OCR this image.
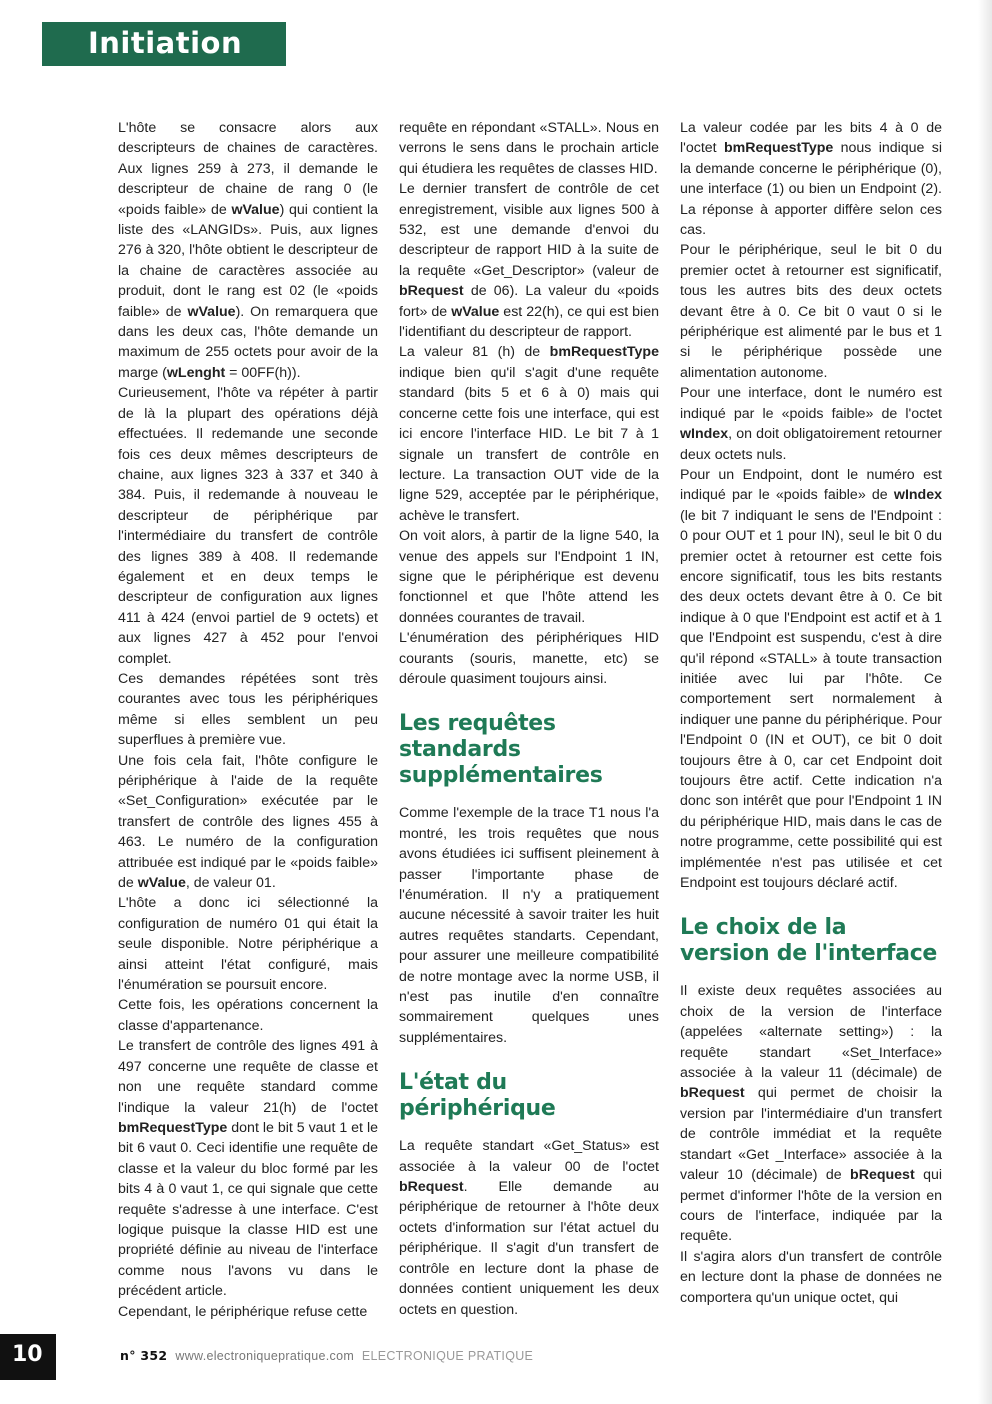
Initiation

L'hôte se consacre alors aux descripteurs de chaines de caractères. Aux lignes 259 à 273, il demande le descripteur de chaine de rang 0 (le «poids faible» de wValue) qui contient la liste des «LANGIDs». Puis, aux lignes 276 à 320, l'hôte obtient le descripteur de la chaine de caractères associée au produit, dont le rang est 02 (le «poids faible» de wValue). On remarquera que dans les deux cas, l'hôte demande un maximum de 255 octets pour avoir de la marge (wLenght = 00FF(h)).

Curieusement, l'hôte va répéter à partir de là la plupart des opérations déjà effectuées. Il redemande une seconde fois ces deux mêmes descripteurs de chaine, aux lignes 323 à 337 et 340 à 384. Puis, il redemande à nouveau le descripteur de périphérique par l'intermédiaire du transfert de contrôle des lignes 389 à 408. Il redemande également et en deux temps le descripteur de configuration aux lignes 411 à 424 (envoi partiel de 9 octets) et aux lignes 427 à 452 pour l'envoi complet.

Ces demandes répétées sont très courantes avec tous les périphériques même si elles semblent un peu superflues à première vue.

Une fois cela fait, l'hôte configure le périphérique à l'aide de la requête «Set_Configuration» exécutée par le transfert de contrôle des lignes 455 à 463. Le numéro de la configuration attribuée est indiqué par le «poids faible» de wValue, de valeur 01.

L'hôte a donc ici sélectionné la configuration de numéro 01 qui était la seule disponible. Notre périphérique a ainsi atteint l'état configuré, mais l'énumération se poursuit encore.

Cette fois, les opérations concernent la classe d'appartenance.

Le transfert de contrôle des lignes 491 à 497 concerne une requête de classe et non une requête standard comme l'indique la valeur 21(h) de l'octet bmRequestType dont le bit 5 vaut 1 et le bit 6 vaut 0. Ceci identifie une requête de classe et la valeur du bloc formé par les bits 4 à 0 vaut 1, ce qui signale que cette requête s'adresse à une interface. C'est logique puisque la classe HID est une propriété définie au niveau de l'interface comme nous l'avons vu dans le précédent article.

Cependant, le périphérique refuse cette

requête en répondant «STALL». Nous en verrons le sens dans le prochain article qui étudiera les requêtes de classes HID.

Le dernier transfert de contrôle de cet enregistrement, visible aux lignes 500 à 532, est une demande d'envoi du descripteur de rapport HID à la suite de la requête «Get_Descriptor» (valeur de bRequest de 06). La valeur du «poids fort» de wValue est 22(h), ce qui est bien l'identifiant du descripteur de rapport.

La valeur 81 (h) de bmRequestType indique bien qu'il s'agit d'une requête standard (bits 5 et 6 à 0) mais qui concerne cette fois une interface, qui est ici encore l'interface HID. Le bit 7 à 1 signale un transfert de contrôle en lecture. La transaction OUT vide de la ligne 529, acceptée par le périphérique, achève le transfert.

On voit alors, à partir de la ligne 540, la venue des appels sur l'Endpoint 1 IN, signe que le périphérique est devenu fonctionnel et que l'hôte attend les données courantes de travail.

L'énumération des périphériques HID courants (souris, manette, etc) se déroule quasiment toujours ainsi.

Les requêtes standards supplémentaires

Comme l'exemple de la trace T1 nous l'a montré, les trois requêtes que nous avons étudiées ici suffisent pleinement à passer l'importante phase de l'énumération. Il n'y a pratiquement aucune nécessité à savoir traiter les huit autres requêtes standarts. Cependant, pour assurer une meilleure compatibilité de notre montage avec la norme USB, il n'est pas inutile d'en connaître sommairement quelques unes supplémentaires.

L'état du périphérique

La requête standart «Get_Status» est associée à la valeur 00 de l'octet bRequest. Elle demande au périphérique de retourner à l'hôte deux octets d'information sur l'état actuel du périphérique. Il s'agit d'un transfert de contrôle en lecture dont la phase de données contient uniquement les deux octets en question.

La valeur codée par les bits 4 à 0 de l'octet bmRequestType nous indique si la demande concerne le périphérique (0), une interface (1) ou bien un Endpoint (2). La réponse à apporter diffère selon ces cas.

Pour le périphérique, seul le bit 0 du premier octet à retourner est significatif, tous les autres bits des deux octets devant être à 0. Ce bit 0 vaut 0 si le périphérique est alimenté par le bus et 1 si le périphérique possède une alimentation autonome.

Pour une interface, dont le numéro est indiqué par le «poids faible» de l'octet wIndex, on doit obligatoirement retourner deux octets nuls.

Pour un Endpoint, dont le numéro est indiqué par le «poids faible» de wIndex (le bit 7 indiquant le sens de l'Endpoint : 0 pour OUT et 1 pour IN), seul le bit 0 du premier octet à retourner est cette fois encore significatif, tous les bits restants des deux octets devant être à 0. Ce bit indique à 0 que l'Endpoint est actif et à 1 que l'Endpoint est suspendu, c'est à dire qu'il répond «STALL» à toute transaction initiée avec lui par l'hôte. Ce comportement sert normalement à indiquer une panne du périphérique. Pour l'Endpoint 0 (IN et OUT), ce bit 0 doit toujours être à 0, car cet Endpoint doit toujours être actif. Cette indication n'a donc son intérêt que pour l'Endpoint 1 IN du périphérique HID, mais dans le cas de notre programme, cette possibilité qui est implémentée n'est pas utilisée et cet Endpoint est toujours déclaré actif.

Le choix de la version de l'interface

Il existe deux requêtes associées au choix de la version de l'interface (appelées «alternate setting») : la requête standart «Set_Interface» associée à la valeur 11 (décimale) de bRequest qui permet de choisir la version par l'intermédiaire d'un transfert de contrôle immédiat et la requête standart «Get _Interface» associée à la valeur 10 (décimale) de bRequest qui permet d'informer l'hôte de la version en cours de l'interface, indiquée par la requête.

Il s'agira alors d'un transfert de contrôle en lecture dont la phase de données ne comportera qu'un unique octet, qui

10	n° 352 www.electroniquepratique.com ELECTRONIQUE PRATIQUE
